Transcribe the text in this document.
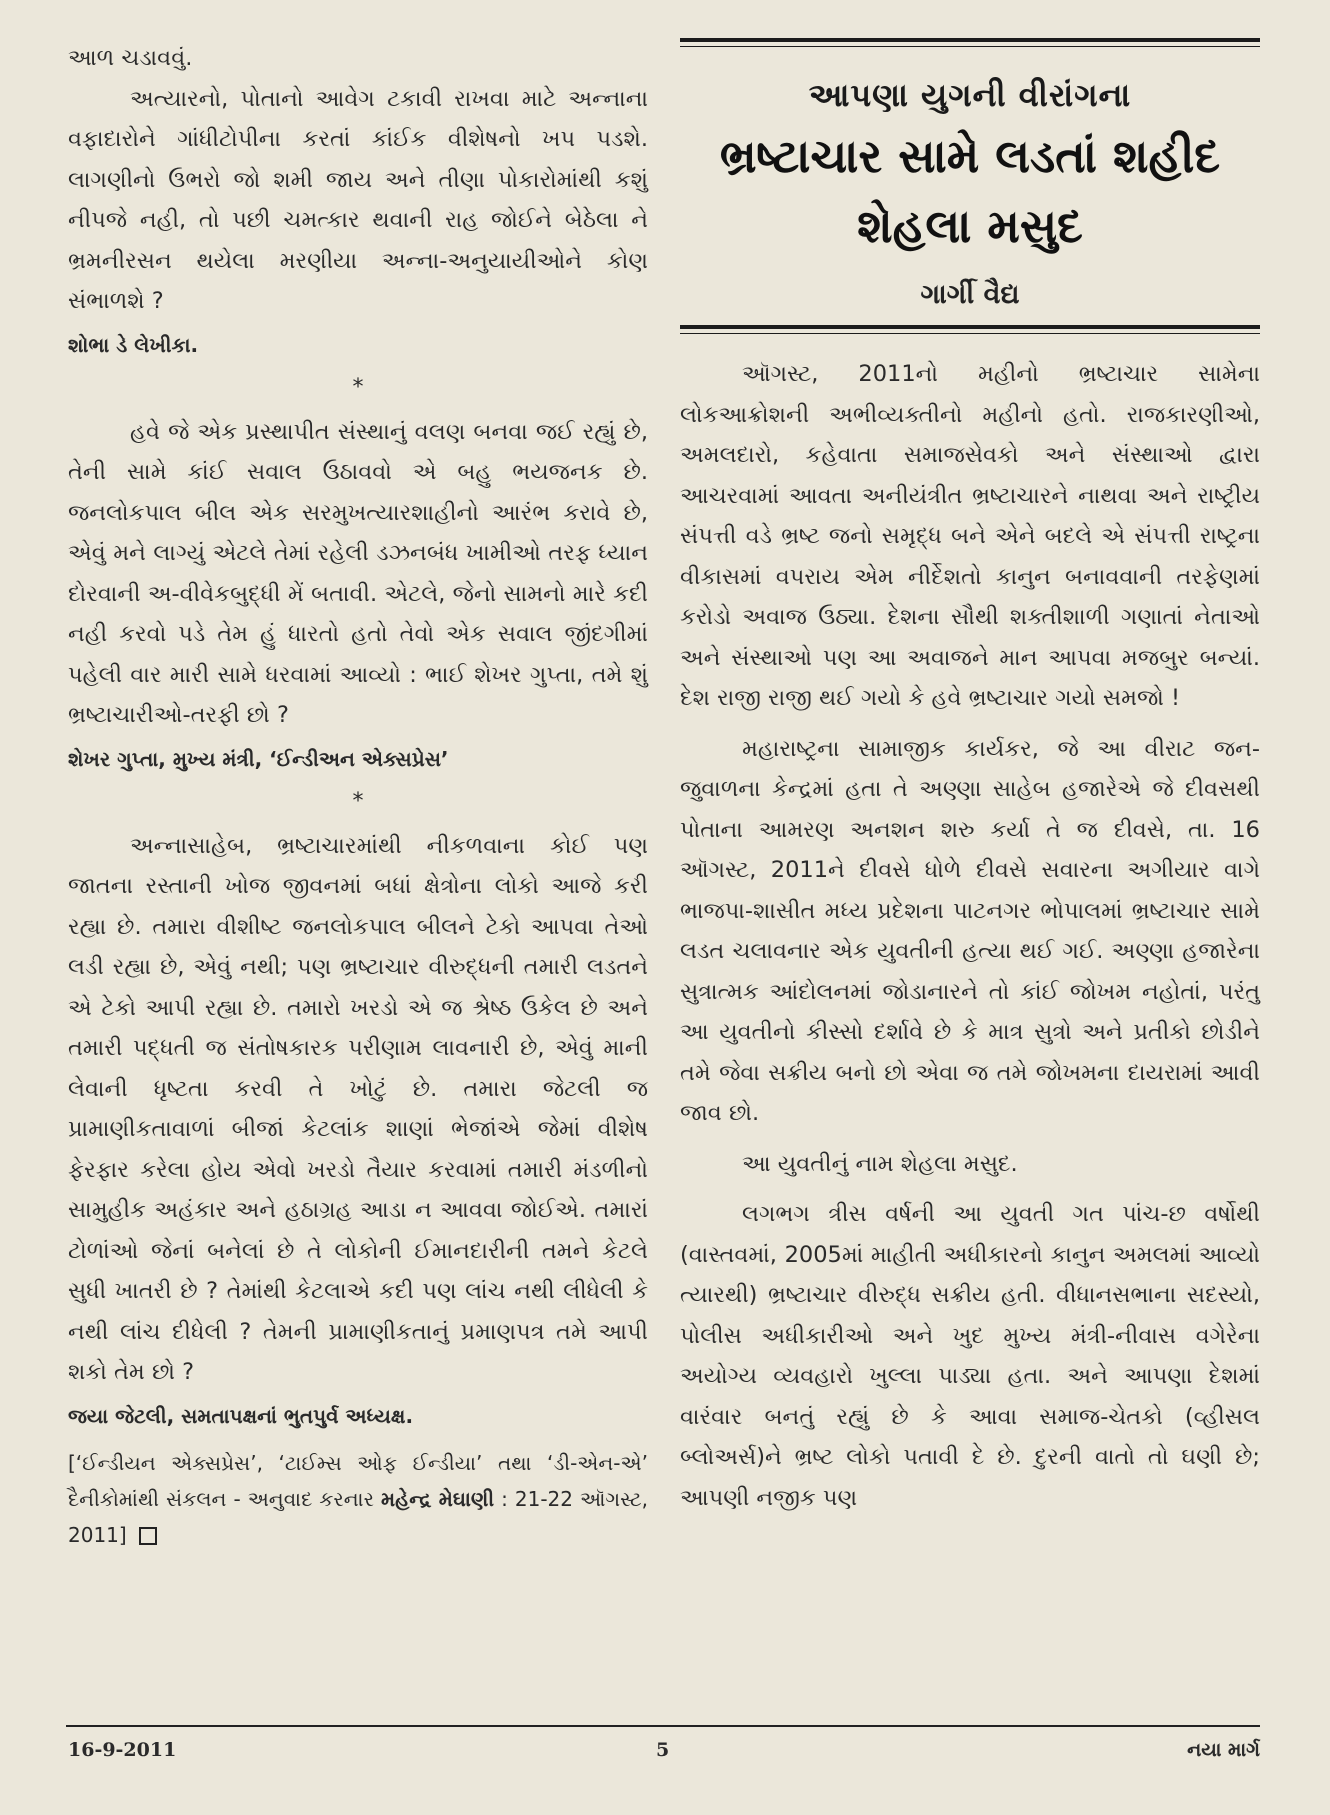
આળ ચડાવવું.

અત્યારનો, પોતાનો આવેગ ટકાવી રાખવા માટે અન્નાના વફાદારોને ગાંધીટોપીના કરતાં કાંઈક વીશેષનો ખપ પડશે. લાગણીનો ઉભરો જો શમી જાય અને તીણા પોકારોમાંથી કશું નીપજે નહી, તો પછી ચમત્કાર થવાની રાહ જોઈને બેઠેલા ને ભ્રમનીરસન થયેલા મરણીયા અન્ના-અનુયાયીઓને કોણ સંભાળશે ?

શોભા ડે લેખીકા.
*

હવે જે એક પ્રસ્થાપીત સંસ્થાનું વલણ બનવા જઈ રહ્યું છે, તેની સામે કાંઈ સવાલ ઉઠાવવો એ બહુ ભયજનક છે. જનલોકપાલ બીલ એક સરમુખત્યારશાહીનો આરંભ કરાવે છે, એવું મને લાગ્યું એટલે તેમાં રહેલી ડઝનબંધ ખામીઓ તરફ ધ્યાન દોરવાની અ-વીવેકબુદ્ધી મેં બતાવી. એટલે, જેનો સામનો મારે કદી નહી કરવો પડે તેમ હું ધારતો હતો તેવો એક સવાલ જીંદગીમાં પહેલી વાર મારી સામે ધરવામાં આવ્યો : ભાઈ શેખર ગુપ્તા, તમે શું ભ્રષ્ટાચારીઓ-તરફી છો ?

શેખર ગુપ્તા, મુખ્ય મંત્રી, ‘ઈન્ડીઅન એક્સપ્રેસ’
*

અન્નાસાહેબ, ભ્રષ્ટાચારમાંથી નીકળવાના કોઈ પણ જાતના રસ્તાની ખોજ જીવનમાં બધાં ક્ષેત્રોના લોકો આજે કરી રહ્યા છે. તમારા વીશીષ્ટ જનલોકપાલ બીલને ટેકો આપવા તેઓ લડી રહ્યા છે, એવું નથી; પણ ભ્રષ્ટાચાર વીરુદ્ધની તમારી લડતને એ ટેકો આપી રહ્યા છે. તમારો ખરડો એ જ શ્રેષ્ઠ ઉકેલ છે અને તમારી પદ્ધતી જ સંતોષકારક પરીણામ લાવનારી છે, એવું માની લેવાની ધૃષ્ટતા કરવી તે ખોટું છે. તમારા જેટલી જ પ્રામાણીકતાવાળાં બીજાં કેટલાંક શાણાં ભેજાંએ જેમાં વીશેષ ફેરફાર કરેલા હોય એવો ખરડો તૈયાર કરવામાં તમારી મંડળીનો સામુહીક અહંકાર અને હઠાગ્રહ આડા ન આવવા જોઈએ. તમારાં ટોળાંઓ જેનાં બનેલાં છે તે લોકોની ઈમાનદારીની તમને કેટલે સુધી ખાતરી છે ? તેમાંથી કેટલાએ કદી પણ લાંચ નથી લીધેલી કે નથી લાંચ દીધેલી ? તેમની પ્રામાણીકતાનું પ્રમાણપત્ર તમે આપી શકો તેમ છો ?

જયા જેટલી, સમતાપક્ષનાં ભુતપુર્વ અધ્યક્ષ.

[‘ઈન્ડીયન એક્સપ્રેસ’, ‘ટાઈમ્સ ઓફ ઈન્ડીયા’ તથા ‘ડી-એન-એ’ દૈનીકોમાંથી સંકલન - અનુવાદ કરનાર મહેન્દ્ર મેઘાણી : 21-22 ઑગસ્ટ, 2011]

આપણા યુગની વીરાંગના
ભ્રષ્ટાચાર સામે લડતાં શહીદ
શેહલા મસુદ
ગાર્ગી વૈદ્ય

ઑગસ્ટ, 2011નો મહીનો ભ્રષ્ટાચાર સામેના લોકઆક્રોશની અભીવ્યક્તીનો મહીનો હતો. રાજકારણીઓ, અમલદારો, કહેવાતા સમાજસેવકો અને સંસ્થાઓ દ્વારા આચરવામાં આવતા અનીયંત્રીત ભ્રષ્ટાચારને નાથવા અને રાષ્ટ્રીય સંપત્તી વડે ભ્રષ્ટ જનો સમૃદ્ધ બને એને બદલે એ સંપત્તી રાષ્ટ્રના વીકાસમાં વપરાય એમ નીર્દેશતો કાનુન બનાવવાની તરફેણમાં કરોડો અવાજ ઉઠ્યા. દેશના સૌથી શક્તીશાળી ગણાતાં નેતાઓ અને સંસ્થાઓ પણ આ અવાજને માન આપવા મજબુર બન્યાં. દેશ રાજી રાજી થઈ ગયો કે હવે ભ્રષ્ટાચાર ગયો સમજો !

મહારાષ્ટ્રના સામાજીક કાર્યકર, જે આ વીરાટ જન-જુવાળના કેન્દ્રમાં હતા તે અણ્ણા સાહેબ હજારેએ જે દીવસથી પોતાના આમરણ અનશન શરુ કર્યા તે જ દીવસે, તા. 16 ઑગસ્ટ, 2011ને દીવસે ધોળે દીવસે સવારના અગીયાર વાગે ભાજપા-શાસીત મધ્ય પ્રદેશના પાટનગર ભોપાલમાં ભ્રષ્ટાચાર સામે લડત ચલાવનાર એક યુવતીની હત્યા થઈ ગઈ. અણ્ણા હજારેના સુત્રાત્મક આંદોલનમાં જોડાનારને તો કાંઈ જોખમ નહોતાં, પરંતુ આ યુવતીનો કીસ્સો દર્શાવે છે કે માત્ર સુત્રો અને પ્રતીકો છોડીને તમે જેવા સક્રીય બનો છો એવા જ તમે જોખમના દાયરામાં આવી જાવ છો.

આ યુવતીનું નામ શેહલા મસુદ.

લગભગ ત્રીસ વર્ષની આ યુવતી ગત પાંચ-છ વર્ષોથી (વાસ્તવમાં, 2005માં માહીતી અધીકારનો કાનુન અમલમાં આવ્યો ત્યારથી) ભ્રષ્ટાચાર વીરુદ્ધ સક્રીય હતી. વીધાનસભાના સદસ્યો, પોલીસ અધીકારીઓ અને ખુદ મુખ્ય મંત્રી-નીવાસ વગેરેના અયોગ્ય વ્યવહારો ખુલ્લા પાડ્યા હતા. અને આપણા દેશમાં વારંવાર બનતું રહ્યું છે કે આવા સમાજ-ચેતકો (વ્હીસલ બ્લોઅર્સ)ને ભ્રષ્ટ લોકો પતાવી દે છે. દુરની વાતો તો ઘણી છે; આપણી નજીક પણ

16-9-2011	5	નયા માર્ગ
